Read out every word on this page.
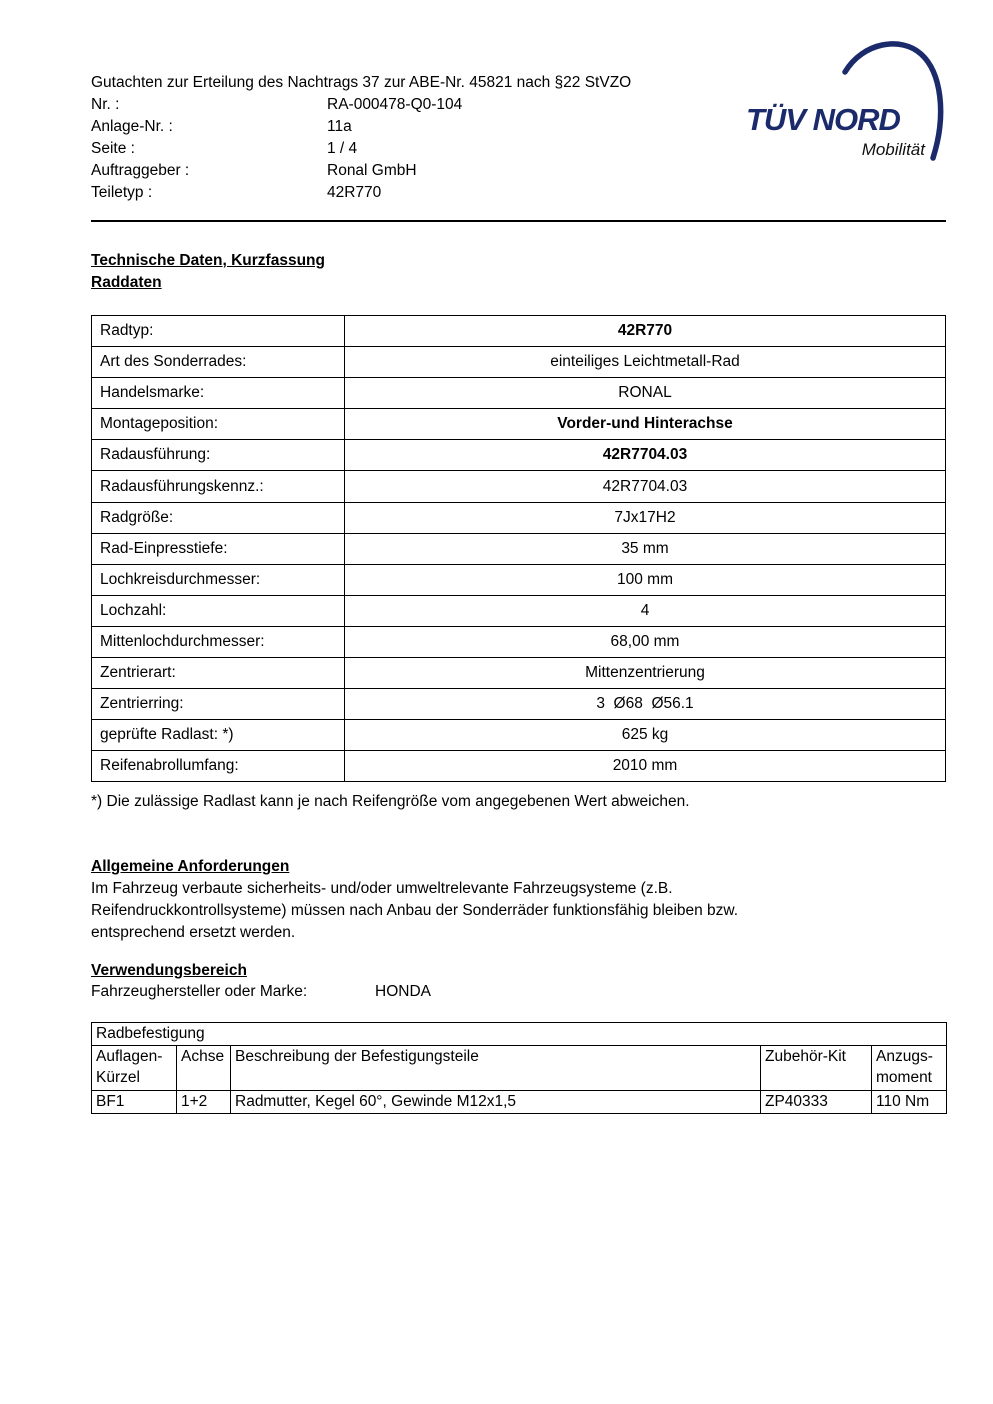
Gutachten zur Erteilung des Nachtrags 37 zur ABE-Nr. 45821 nach §22 StVZO
Nr. :	RA-000478-Q0-104
Anlage-Nr. :	11a
Seite :	1 / 4
Auftraggeber :	Ronal GmbH
Teiletyp :	42R770
TÜV NORD
Mobilität
Technische Daten, Kurzfassung
Raddaten
Radtyp:	42R770
Art des Sonderrades:	einteiliges Leichtmetall-Rad
Handelsmarke:	RONAL
Montageposition:	Vorder-und Hinterachse
Radausführung:	42R7704.03
Radausführungskennz.:	42R7704.03
Radgröße:	7Jx17H2
Rad-Einpresstiefe:	35 mm
Lochkreisdurchmesser:	100 mm
Lochzahl:	4
Mittenlochdurchmesser:	68,00 mm
Zentrierart:	Mittenzentrierung
Zentrierring:	3  Ø68  Ø56.1
geprüfte Radlast: *)	625 kg
Reifenabrollumfang:	2010 mm
*) Die zulässige Radlast kann je nach Reifengröße vom angegebenen Wert abweichen.
Allgemeine Anforderungen
Im Fahrzeug verbaute sicherheits- und/oder umweltrelevante Fahrzeugsysteme (z.B.
Reifendruckkontrollsysteme) müssen nach Anbau der Sonderräder funktionsfähig bleiben bzw.
entsprechend ersetzt werden.
Verwendungsbereich
Fahrzeughersteller oder Marke:	HONDA
Radbefestigung				
Auflagen-Kürzel	Achse	Beschreibung der Befestigungsteile	Zubehör-Kit	Anzugs-moment
BF1	1+2	Radmutter, Kegel 60°, Gewinde M12x1,5	ZP40333	110 Nm
